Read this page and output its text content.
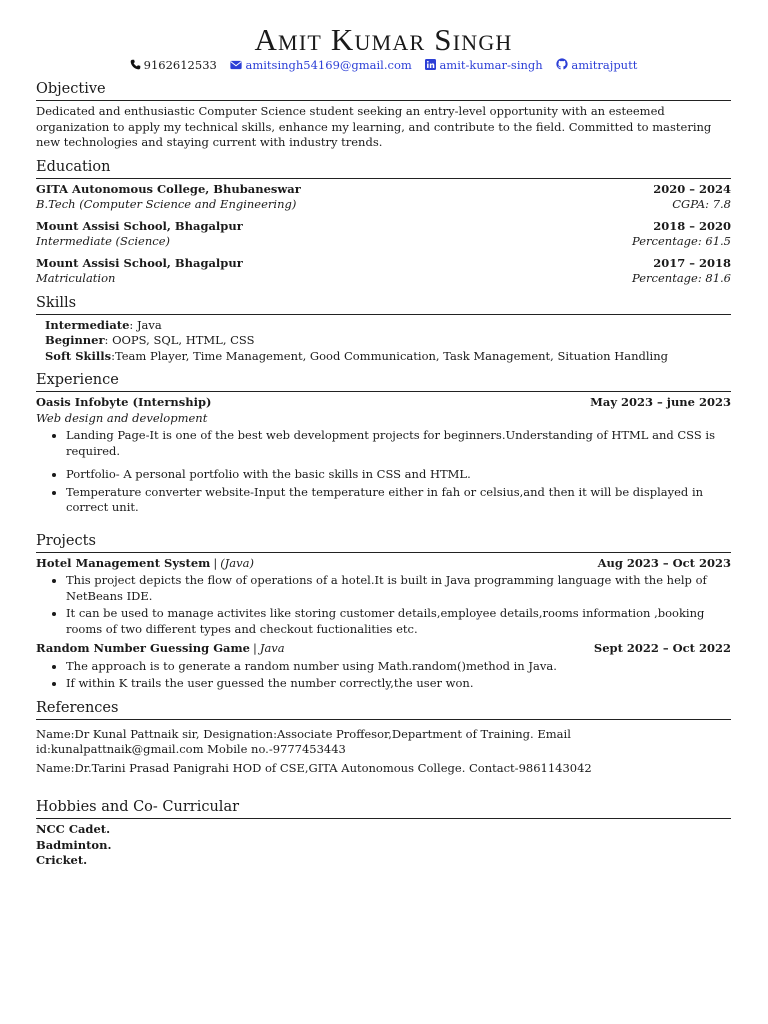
Amit Kumar Singh
9162612533 amitsingh54169@gmail.com amit-kumar-singh amitrajputt
Objective
Dedicated and enthusiastic Computer Science student seeking an entry-level opportunity with an esteemed organization to apply my technical skills, enhance my learning, and contribute to the field. Committed to mastering new technologies and staying current with industry trends.
Education
GITA Autonomous College, Bhubaneswar	2020 – 2024
B.Tech (Computer Science and Engineering)	CGPA: 7.8
Mount Assisi School, Bhagalpur	2018 – 2020
Intermediate (Science)	Percentage: 61.5
Mount Assisi School, Bhagalpur	2017 – 2018
Matriculation	Percentage: 81.6
Skills
Intermediate: Java
Beginner: OOPS, SQL, HTML, CSS
Soft Skills:Team Player, Time Management, Good Communication, Task Management, Situation Handling
Experience
Oasis Infobyte (Internship)	May 2023 – june 2023
Web design and development
• Landing Page-It is one of the best web development projects for beginners.Understanding of HTML and CSS is required.
• Portfolio- A personal portfolio with the basic skills in CSS and HTML.
• Temperature converter website-Input the temperature either in fah or celsius,and then it will be displayed in correct unit.
Projects
Hotel Management System | (Java)	Aug 2023 – Oct 2023
• This project depicts the flow of operations of a hotel.It is built in Java programming language with the help of NetBeans IDE.
• It can be used to manage activites like storing customer details,employee details,rooms information ,booking rooms of two different types and checkout fuctionalities etc.
Random Number Guessing Game | Java	Sept 2022 – Oct 2022
• The approach is to generate a random number using Math.random()method in Java.
• If within K trails the user guessed the number correctly,the user won.
References
Name:Dr Kunal Pattnaik sir, Designation:Associate Proffesor,Department of Training. Email id:kunalpattnaik@gmail.com Mobile no.-9777453443
Name:Dr.Tarini Prasad Panigrahi HOD of CSE,GITA Autonomous College. Contact-9861143042
Hobbies and Co- Curricular
NCC Cadet.
Badminton.
Cricket.
